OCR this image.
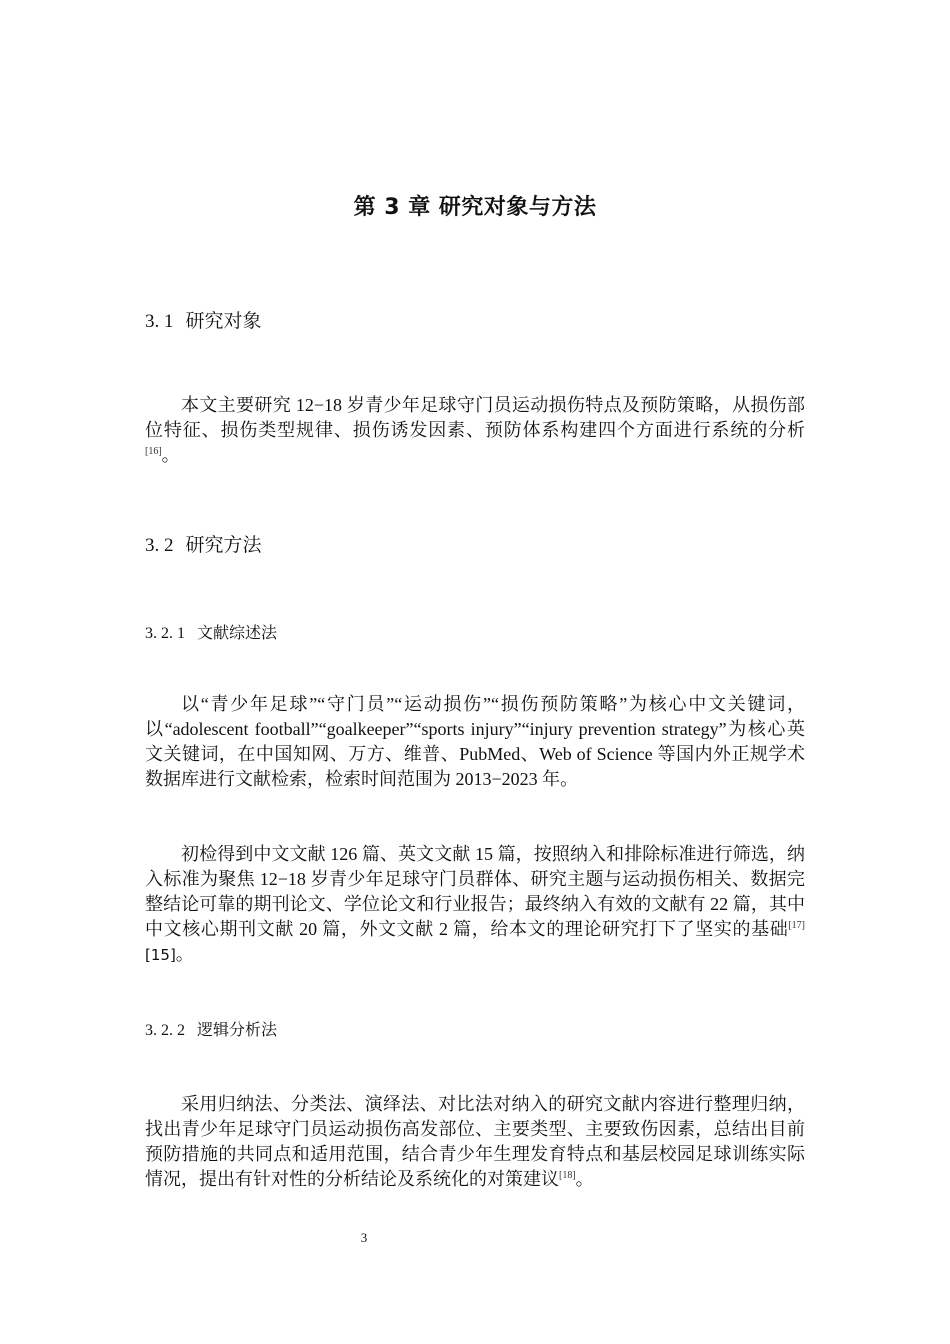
第 3 章 研究对象与方法
3. 1 研究对象

本文主要研究 12−18 岁青少年足球守门员运动损伤特点及预防策略，从损伤部位特征、损伤类型规律、损伤诱发因素、预防体系构建四个方面进行系统的分析[16]。

3. 2 研究方法
3. 2. 1 文献综述法

以“青少年足球”“守门员”“运动损伤”“损伤预防策略”为核心中文关键词，以“adolescent football”“goalkeeper”“sports injury”“injury prevention strategy”为核心英文关键词，在中国知网、万方、维普、PubMed、Web of Science 等国内外正规学术数据库进行文献检索，检索时间范围为 2013−2023 年。

初检得到中文文献 126 篇、英文文献 15 篇，按照纳入和排除标准进行筛选，纳入标准为聚焦 12−18 岁青少年足球守门员群体、研究主题与运动损伤相关、数据完整结论可靠的期刊论文、学位论文和行业报告；最终纳入有效的文献有 22 篇，其中中文核心期刊文献 20 篇，外文文献 2 篇，给本文的理论研究打下了坚实的基础[17][15]。

3. 2. 2 逻辑分析法

采用归纳法、分类法、演绎法、对比法对纳入的研究文献内容进行整理归纳，找出青少年足球守门员运动损伤高发部位、主要类型、主要致伤因素，总结出目前预防措施的共同点和适用范围，结合青少年生理发育特点和基层校园足球训练实际情况，提出有针对性的分析结论及系统化的对策建议[18]。

3
